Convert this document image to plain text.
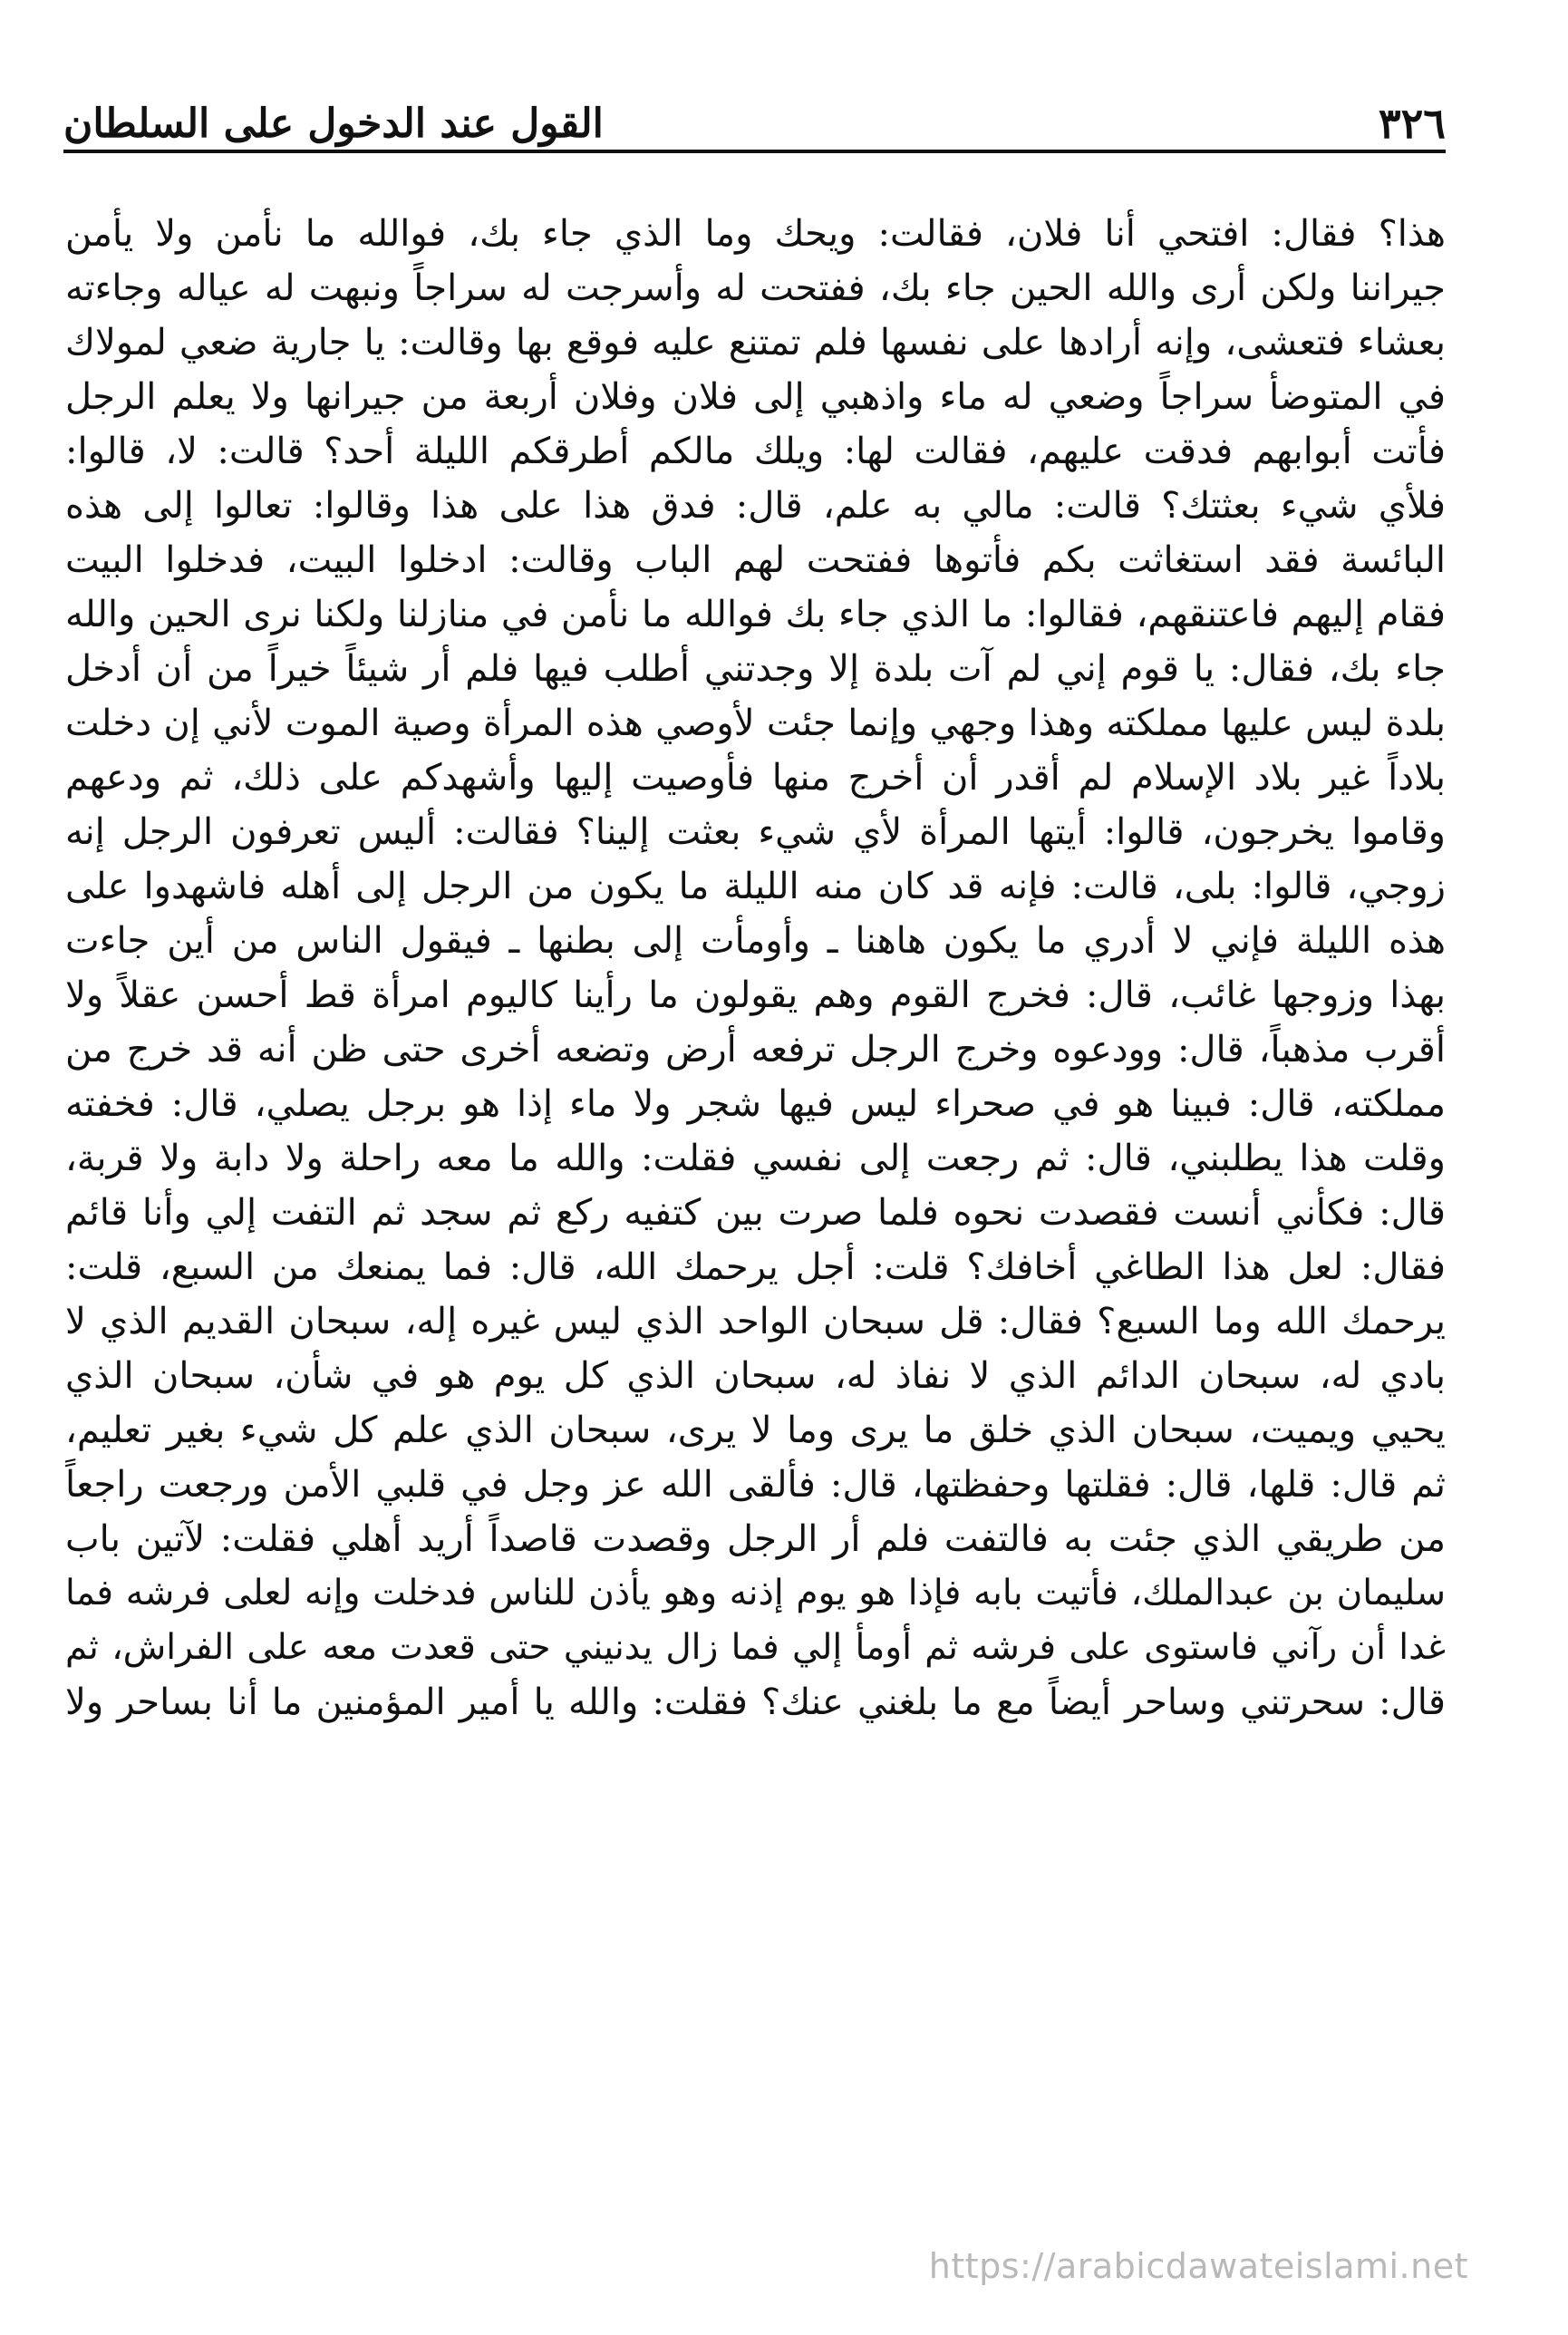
٣٢٦
القول عند الدخول على السلطان
هذا؟ فقال: افتحي أنا فلان، فقالت: ويحك وما الذي جاء بك، فوالله ما نأمن ولا يأمن
جيراننا ولكن أرى والله الحين جاء بك، ففتحت له وأسرجت له سراجاً ونبهت له عياله وجاءته
بعشاء فتعشى، وإنه أرادها على نفسها فلم تمتنع عليه فوقع بها وقالت: يا جارية ضعي لمولاك
في المتوضأ سراجاً وضعي له ماء واذهبي إلى فلان وفلان أربعة من جيرانها ولا يعلم الرجل
فأتت أبوابهم فدقت عليهم، فقالت لها: ويلك مالكم أطرقكم الليلة أحد؟ قالت: لا، قالوا:
فلأي شيء بعثتك؟ قالت: مالي به علم، قال: فدق هذا على هذا وقالوا: تعالوا إلى هذه
البائسة فقد استغاثت بكم فأتوها ففتحت لهم الباب وقالت: ادخلوا البيت، فدخلوا البيت
فقام إليهم فاعتنقهم، فقالوا: ما الذي جاء بك فوالله ما نأمن في منازلنا ولكنا نرى الحين والله
جاء بك، فقال: يا قوم إني لم آت بلدة إلا وجدتني أطلب فيها فلم أر شيئاً خيراً من أن أدخل
بلدة ليس عليها مملكته وهذا وجهي وإنما جئت لأوصي هذه المرأة وصية الموت لأني إن دخلت
بلاداً غير بلاد الإسلام لم أقدر أن أخرج منها فأوصيت إليها وأشهدكم على ذلك، ثم ودعهم
وقاموا يخرجون، قالوا: أيتها المرأة لأي شيء بعثت إلينا؟ فقالت: أليس تعرفون الرجل إنه
زوجي، قالوا: بلى، قالت: فإنه قد كان منه الليلة ما يكون من الرجل إلى أهله فاشهدوا على
هذه الليلة فإني لا أدري ما يكون هاهنا ـ وأومأت إلى بطنها ـ فيقول الناس من أين جاءت
بهذا وزوجها غائب، قال: فخرج القوم وهم يقولون ما رأينا كاليوم امرأة قط أحسن عقلاً ولا
أقرب مذهباً، قال: وودعوه وخرج الرجل ترفعه أرض وتضعه أخرى حتى ظن أنه قد خرج من
مملكته، قال: فبينا هو في صحراء ليس فيها شجر ولا ماء إذا هو برجل يصلي، قال: فخفته
وقلت هذا يطلبني، قال: ثم رجعت إلى نفسي فقلت: والله ما معه راحلة ولا دابة ولا قربة،
قال: فكأني أنست فقصدت نحوه فلما صرت بين كتفيه ركع ثم سجد ثم التفت إلي وأنا قائم
فقال: لعل هذا الطاغي أخافك؟ قلت: أجل يرحمك الله، قال: فما يمنعك من السبع، قلت:
يرحمك الله وما السبع؟ فقال: قل سبحان الواحد الذي ليس غيره إله، سبحان القديم الذي لا
بادي له، سبحان الدائم الذي لا نفاذ له، سبحان الذي كل يوم هو في شأن، سبحان الذي
يحيي ويميت، سبحان الذي خلق ما يرى وما لا يرى، سبحان الذي علم كل شيء بغير تعليم،
ثم قال: قلها، قال: فقلتها وحفظتها، قال: فألقى الله عز وجل في قلبي الأمن ورجعت راجعاً
من طريقي الذي جئت به فالتفت فلم أر الرجل وقصدت قاصداً أريد أهلي فقلت: لآتين باب
سليمان بن عبدالملك، فأتيت بابه فإذا هو يوم إذنه وهو يأذن للناس فدخلت وإنه لعلى فرشه فما
غدا أن رآني فاستوى على فرشه ثم أومأ إلي فما زال يدنيني حتى قعدت معه على الفراش، ثم
قال: سحرتني وساحر أيضاً مع ما بلغني عنك؟ فقلت: والله يا أمير المؤمنين ما أنا بساحر ولا
https://arabicdawateislami.net
